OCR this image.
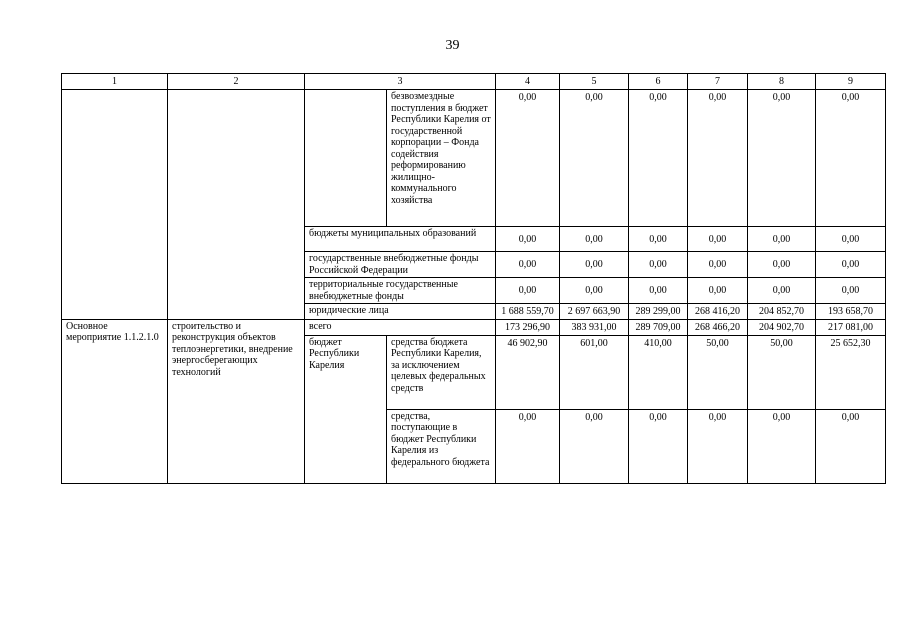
39
1	2	3		4	5	6	7	8	9
			безвозмездные поступления в бюджет Республики Карелия от государственной корпорации – Фонда содействия реформированию жилищно-коммунального хозяйства	0,00	0,00	0,00	0,00	0,00	0,00
		бюджеты муниципальных образований		0,00	0,00	0,00	0,00	0,00	0,00
		государственные внебюджетные фонды Российской Федерации		0,00	0,00	0,00	0,00	0,00	0,00
		территориальные государственные внебюджетные фонды		0,00	0,00	0,00	0,00	0,00	0,00
		юридические лица		1 688 559,70	2 697 663,90	289 299,00	268 416,20	204 852,70	193 658,70
Основное мероприятие 1.1.2.1.0	строительство и реконструкция объектов теплоэнергетики, внедрение энергосберегающих технологий	всего		173 296,90	383 931,00	289 709,00	268 466,20	204 902,70	217 081,00
		бюджет Республики Карелия	средства бюджета Республики Карелия, за исключением целевых федеральных средств	46 902,90	601,00	410,00	50,00	50,00	25 652,30
			средства, поступающие в бюджет Республики Карелия из федерального бюджета	0,00	0,00	0,00	0,00	0,00	0,00
